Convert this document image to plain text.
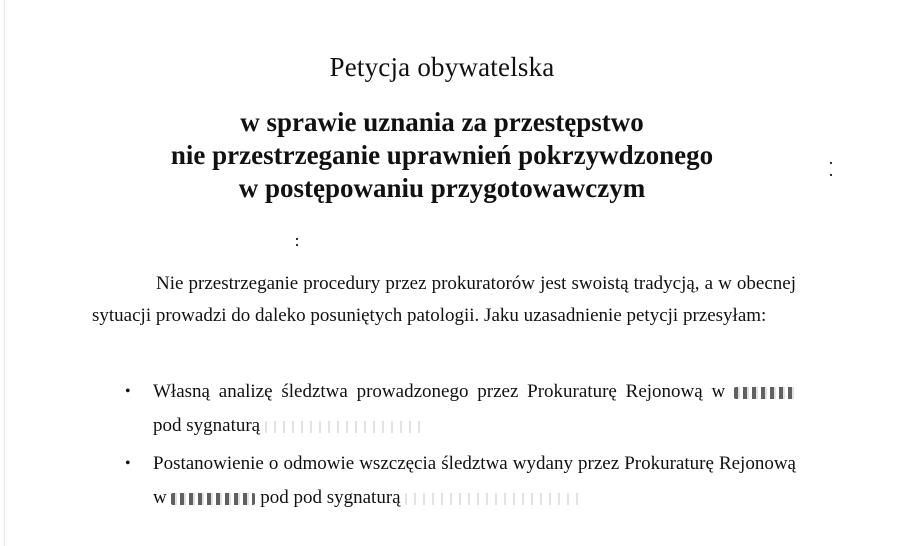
Petycja obywatelska
w sprawie uznania za przestępstwo
nie przestrzeganie uprawnień pokrzywdzonego
w postępowaniu przygotowawczym

Nie przestrzeganie procedury przez prokuratorów jest swoistą tradycją, a w obecnej sytuacji prowadzi do daleko posuniętych patologii. Jaku uzasadnienie petycji przesyłam:

• Własną analizę śledztwa prowadzonego przez Prokuraturę Rejonową w  pod sygnaturą
• Postanowienie o odmowie wszczęcia śledztwa wydany przez Prokuraturę Rejonową w	pod pod sygnaturą
